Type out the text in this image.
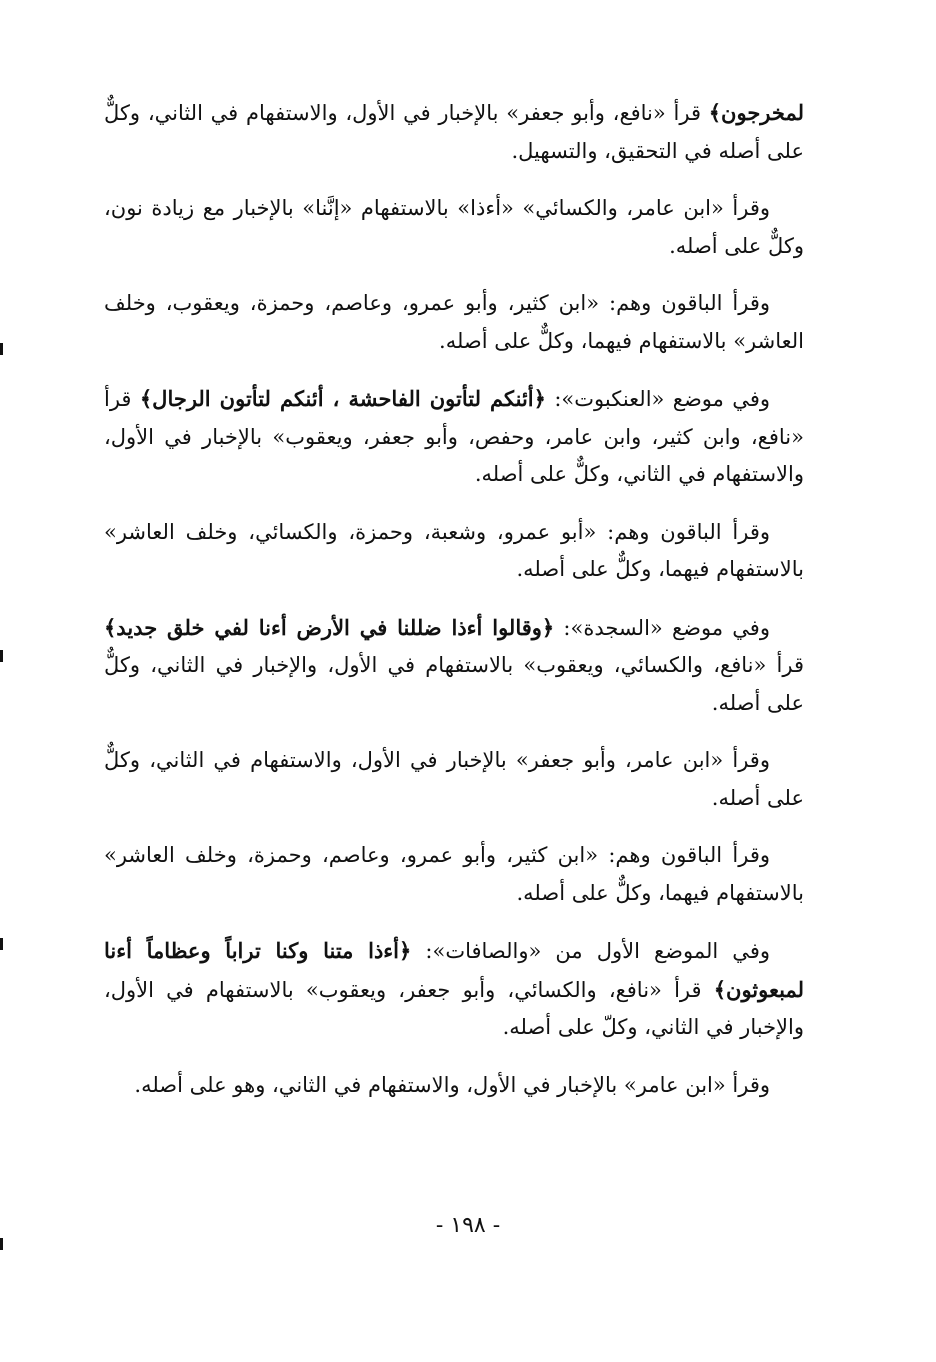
لمخرجون﴾ قرأ «نافع، وأبو جعفر» بالإخبار في الأول، والاستفهام في الثاني، وكلٌّ على أصله في التحقيق، والتسهيل.

وقرأ «ابن عامر، والكسائي» «أءذا» بالاستفهام «إنَّنا» بالإخبار مع زيادة نون، وكلٌّ على أصله.

وقرأ الباقون وهم: «ابن كثير، وأبو عمرو، وعاصم، وحمزة، ويعقوب، وخلف العاشر» بالاستفهام فيهما، وكلٌّ على أصله.

وفي موضع «العنكبوت»: ﴿أئنكم لتأتون الفاحشة ، أئنكم لتأتون الرجال﴾ قرأ «نافع، وابن كثير، وابن عامر، وحفص، وأبو جعفر، ويعقوب» بالإخبار في الأول، والاستفهام في الثاني، وكلٌّ على أصله.

وقرأ الباقون وهم: «أبو عمرو، وشعبة، وحمزة، والكسائي، وخلف العاشر» بالاستفهام فيهما، وكلٌّ على أصله.

وفي موضع «السجدة»: ﴿وقالوا أءذا ضللنا في الأرض أءنا لفي خلق جديد﴾ قرأ «نافع، والكسائي، ويعقوب» بالاستفهام في الأول، والإخبار في الثاني، وكلٌّ على أصله.

وقرأ «ابن عامر، وأبو جعفر» بالإخبار في الأول، والاستفهام في الثاني، وكلٌّ على أصله.

وقرأ الباقون وهم: «ابن كثير، وأبو عمرو، وعاصم، وحمزة، وخلف العاشر» بالاستفهام فيهما، وكلٌّ على أصله.

وفي الموضع الأول من «والصافات»: ﴿أءذا متنا وكنا تراباً وعظاماً أءنا لمبعوثون﴾ قرأ «نافع، والكسائي، وأبو جعفر، ويعقوب» بالاستفهام في الأول، والإخبار في الثاني، وكلّ على أصله.

وقرأ «ابن عامر» بالإخبار في الأول، والاستفهام في الثاني، وهو على أصله.

- ١٩٨ -
